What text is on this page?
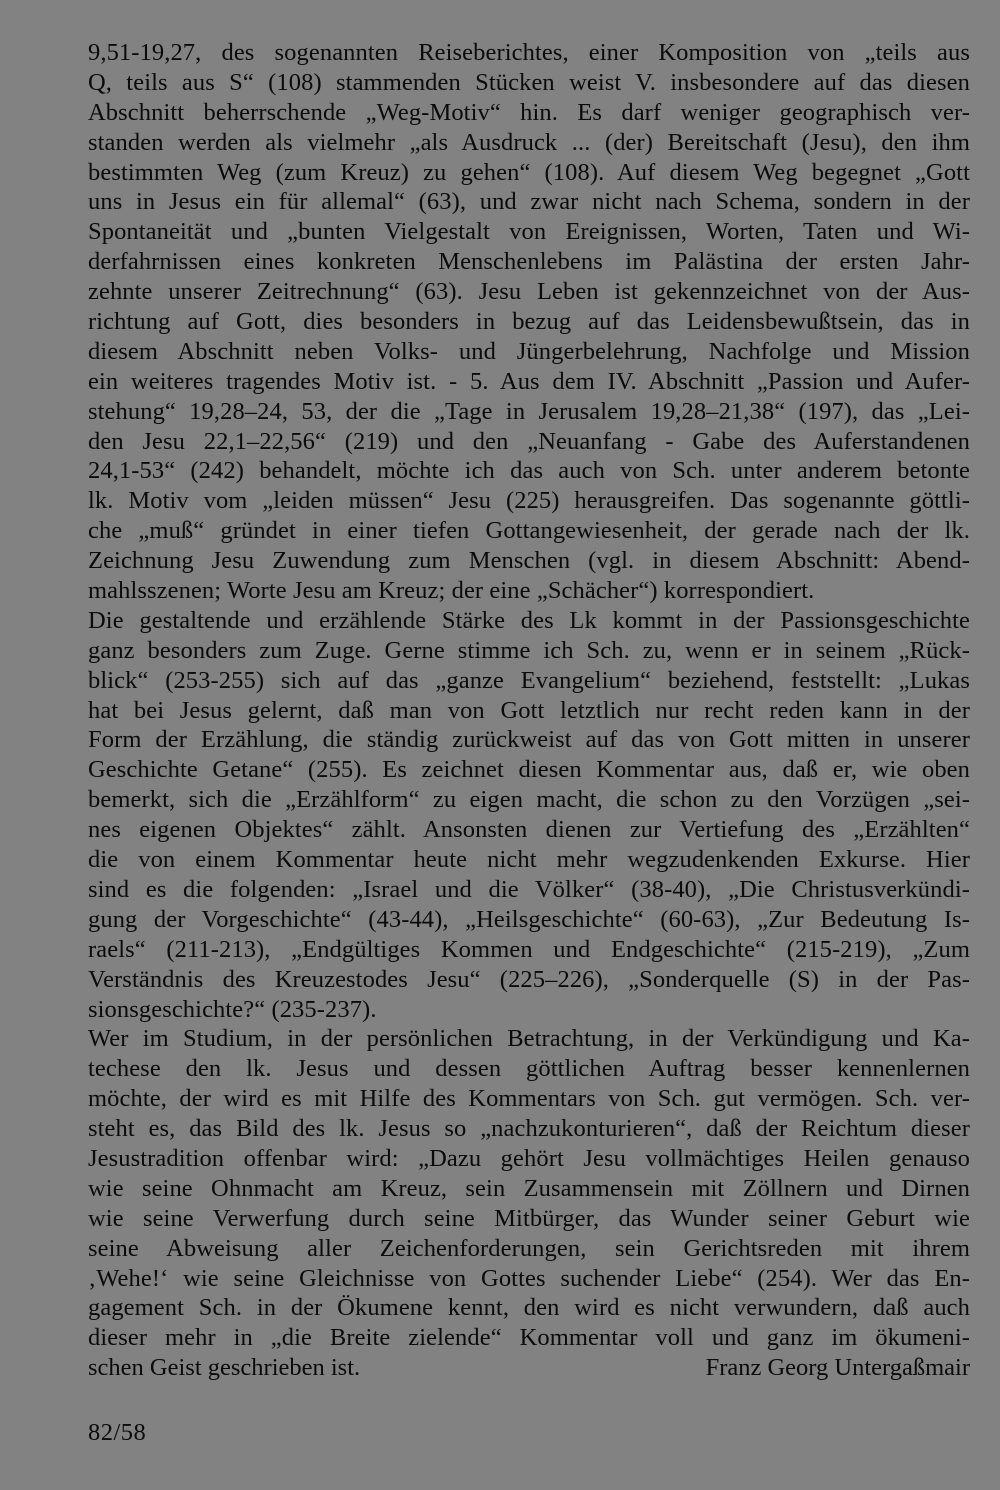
9,51-19,27, des sogenannten Reiseberichtes, einer Komposition von „teils aus
Q, teils aus S“ (108) stammenden Stücken weist V. insbesondere auf das diesen
Abschnitt beherrschende „Weg-Motiv“ hin. Es darf weniger geographisch ver-
standen werden als vielmehr „als Ausdruck ... (der) Bereitschaft (Jesu), den ihm
bestimmten Weg (zum Kreuz) zu gehen“ (108). Auf diesem Weg begegnet „Gott
uns in Jesus ein für allemal“ (63), und zwar nicht nach Schema, sondern in der
Spontaneität und „bunten Vielgestalt von Ereignissen, Worten, Taten und Wi-
derfahrnissen eines konkreten Menschenlebens im Palästina der ersten Jahr-
zehnte unserer Zeitrechnung“ (63). Jesu Leben ist gekennzeichnet von der Aus-
richtung auf Gott, dies besonders in bezug auf das Leidensbewußtsein, das in
diesem Abschnitt neben Volks- und Jüngerbelehrung, Nachfolge und Mission
ein weiteres tragendes Motiv ist. - 5. Aus dem IV. Abschnitt „Passion und Aufer-
stehung“ 19,28–24, 53, der die „Tage in Jerusalem 19,28–21,38“ (197), das „Lei-
den Jesu 22,1–22,56“ (219) und den „Neuanfang - Gabe des Auferstandenen
24,1-53“ (242) behandelt, möchte ich das auch von Sch. unter anderem betonte
lk. Motiv vom „leiden müssen“ Jesu (225) herausgreifen. Das sogenannte göttli-
che „muß“ gründet in einer tiefen Gottangewiesenheit, der gerade nach der lk.
Zeichnung Jesu Zuwendung zum Menschen (vgl. in diesem Abschnitt: Abend-
mahlsszenen; Worte Jesu am Kreuz; der eine „Schächer“) korrespondiert.
Die gestaltende und erzählende Stärke des Lk kommt in der Passionsgeschichte
ganz besonders zum Zuge. Gerne stimme ich Sch. zu, wenn er in seinem „Rück-
blick“ (253-255) sich auf das „ganze Evangelium“ beziehend, feststellt: „Lukas
hat bei Jesus gelernt, daß man von Gott letztlich nur recht reden kann in der
Form der Erzählung, die ständig zurückweist auf das von Gott mitten in unserer
Geschichte Getane“ (255). Es zeichnet diesen Kommentar aus, daß er, wie oben
bemerkt, sich die „Erzählform“ zu eigen macht, die schon zu den Vorzügen „sei-
nes eigenen Objektes“ zählt. Ansonsten dienen zur Vertiefung des „Erzählten“
die von einem Kommentar heute nicht mehr wegzudenkenden Exkurse. Hier
sind es die folgenden: „Israel und die Völker“ (38-40), „Die Christusverkündi-
gung der Vorgeschichte“ (43-44), „Heilsgeschichte“ (60-63), „Zur Bedeutung Is-
raels“ (211-213), „Endgültiges Kommen und Endgeschichte“ (215-219), „Zum
Verständnis des Kreuzestodes Jesu“ (225–226), „Sonderquelle (S) in der Pas-
sionsgeschichte?“ (235-237).
Wer im Studium, in der persönlichen Betrachtung, in der Verkündigung und Ka-
techese den lk. Jesus und dessen göttlichen Auftrag besser kennenlernen
möchte, der wird es mit Hilfe des Kommentars von Sch. gut vermögen. Sch. ver-
steht es, das Bild des lk. Jesus so „nachzukonturieren“, daß der Reichtum dieser
Jesustradition offenbar wird: „Dazu gehört Jesu vollmächtiges Heilen genauso
wie seine Ohnmacht am Kreuz, sein Zusammensein mit Zöllnern und Dirnen
wie seine Verwerfung durch seine Mitbürger, das Wunder seiner Geburt wie
seine Abweisung aller Zeichenforderungen, sein Gerichtsreden mit ihrem
‚Wehe!‘ wie seine Gleichnisse von Gottes suchender Liebe“ (254). Wer das En-
gagement Sch. in der Ökumene kennt, den wird es nicht verwundern, daß auch
dieser mehr in „die Breite zielende“ Kommentar voll und ganz im ökumeni-
schen Geist geschrieben ist.	Franz Georg Untergaßmair
82/58
